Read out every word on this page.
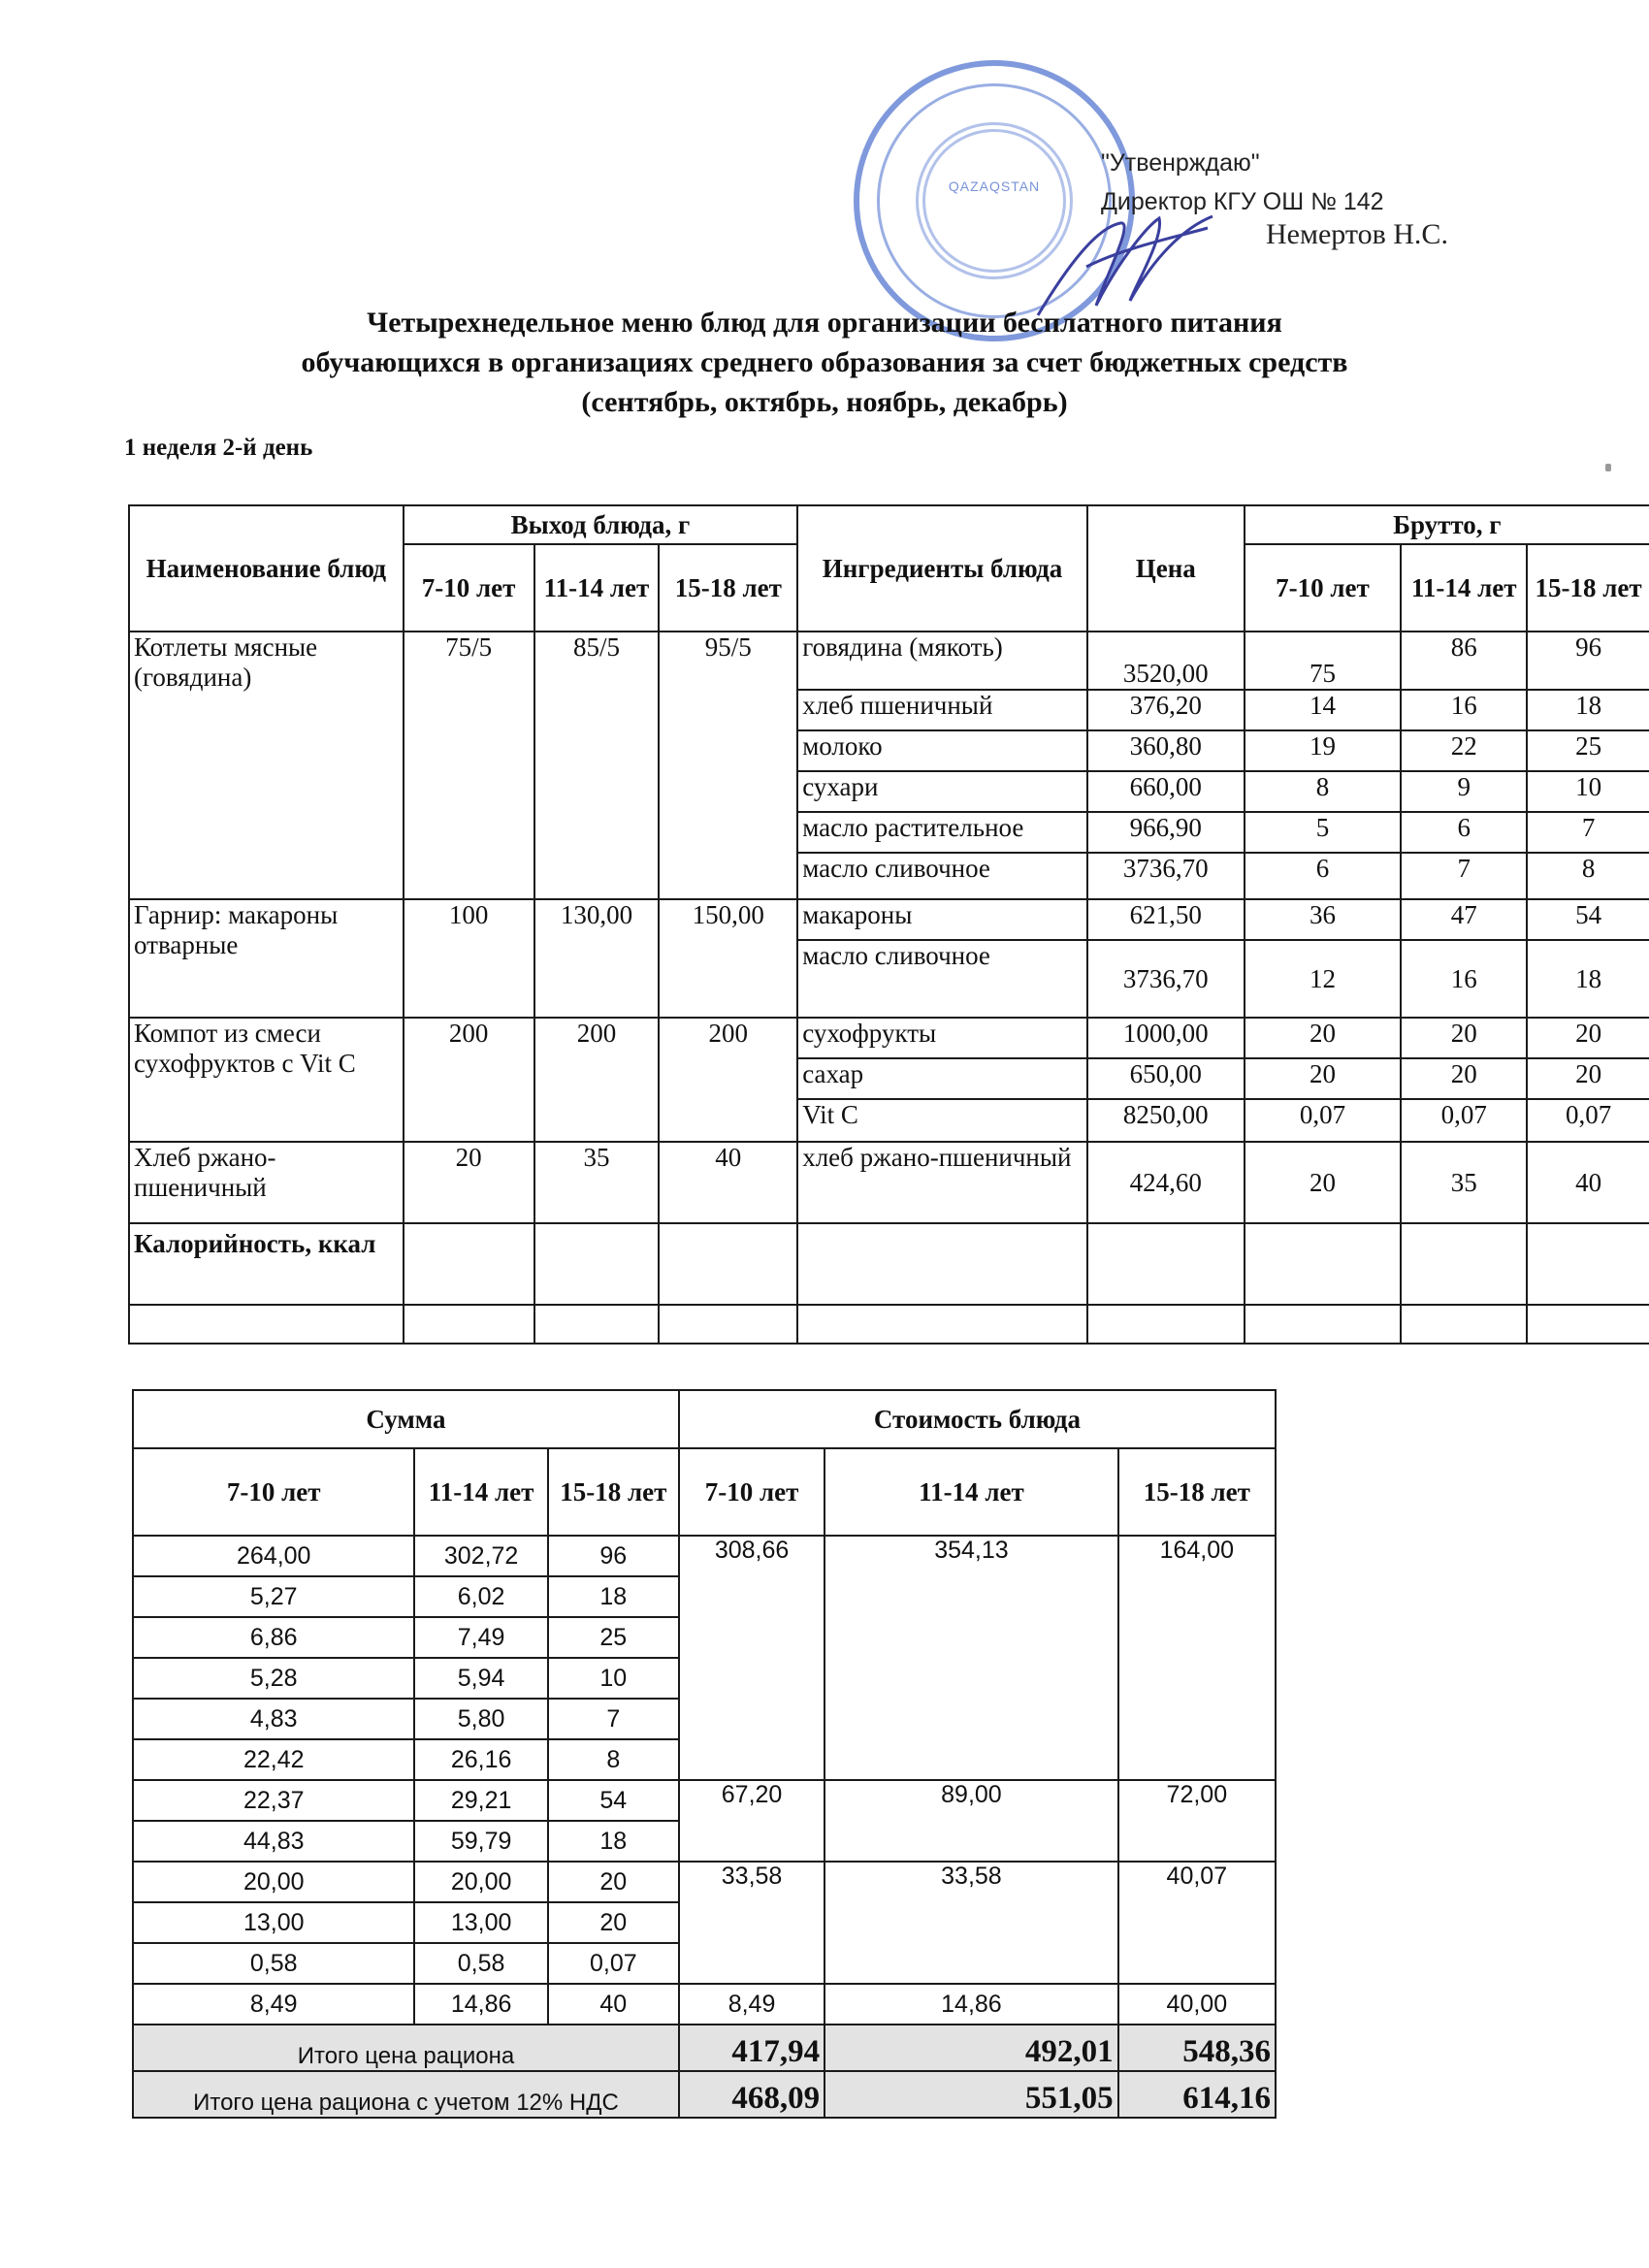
QAZAQSTAN
"Утвенрждаю"
Директор КГУ ОШ № 142
Немертов Н.С.
Четырехнедельное меню блюд для организации бесплатного питания
обучающихся в организациях среднего образования за счет бюджетных средств
(сентябрь, октябрь, ноябрь, декабрь)
1 неделя 2-й день
Наименование блюд	Выход блюда, г			Ингредиенты блюда	Цена	Брутто, г		
	7-10 лет	11-14 лет	15-18 лет			7-10 лет	11-14 лет	15-18 лет
Котлеты мясные (говядина)	75/5	85/5	95/5	говядина (мякоть)	3520,00	75	86	96
				хлеб пшеничный	376,20	14	16	18
				молоко	360,80	19	22	25
				сухари	660,00	8	9	10
				масло растительное	966,90	5	6	7
				масло сливочное	3736,70	6	7	8
Гарнир: макароны отварные	100	130,00	150,00	макароны	621,50	36	47	54
				масло сливочное	3736,70	12	16	18
Компот из смеси сухофруктов с Vit C	200	200	200	сухофрукты	1000,00	20	20	20
				сахар	650,00	20	20	20
				Vit C	8250,00	0,07	0,07	0,07
Хлеб ржано-пшеничный	20	35	40	хлеб ржано-пшеничный	424,60	20	35	40
Калорийность, ккал								

Сумма			Стоимость блюда		
7-10 лет	11-14 лет	15-18 лет	7-10 лет	11-14 лет	15-18 лет
264,00	302,72	96	308,66	354,13	164,00
5,27	6,02	18			
6,86	7,49	25			
5,28	5,94	10			
4,83	5,80	7			
22,42	26,16	8			
22,37	29,21	54	67,20	89,00	72,00
44,83	59,79	18			
20,00	20,00	20	33,58	33,58	40,07
13,00	13,00	20			
0,58	0,58	0,07			
8,49	14,86	40	8,49	14,86	40,00
Итого цена рациона			417,94	492,01	548,36
Итого цена рациона с учетом 12% НДС			468,09	551,05	614,16
